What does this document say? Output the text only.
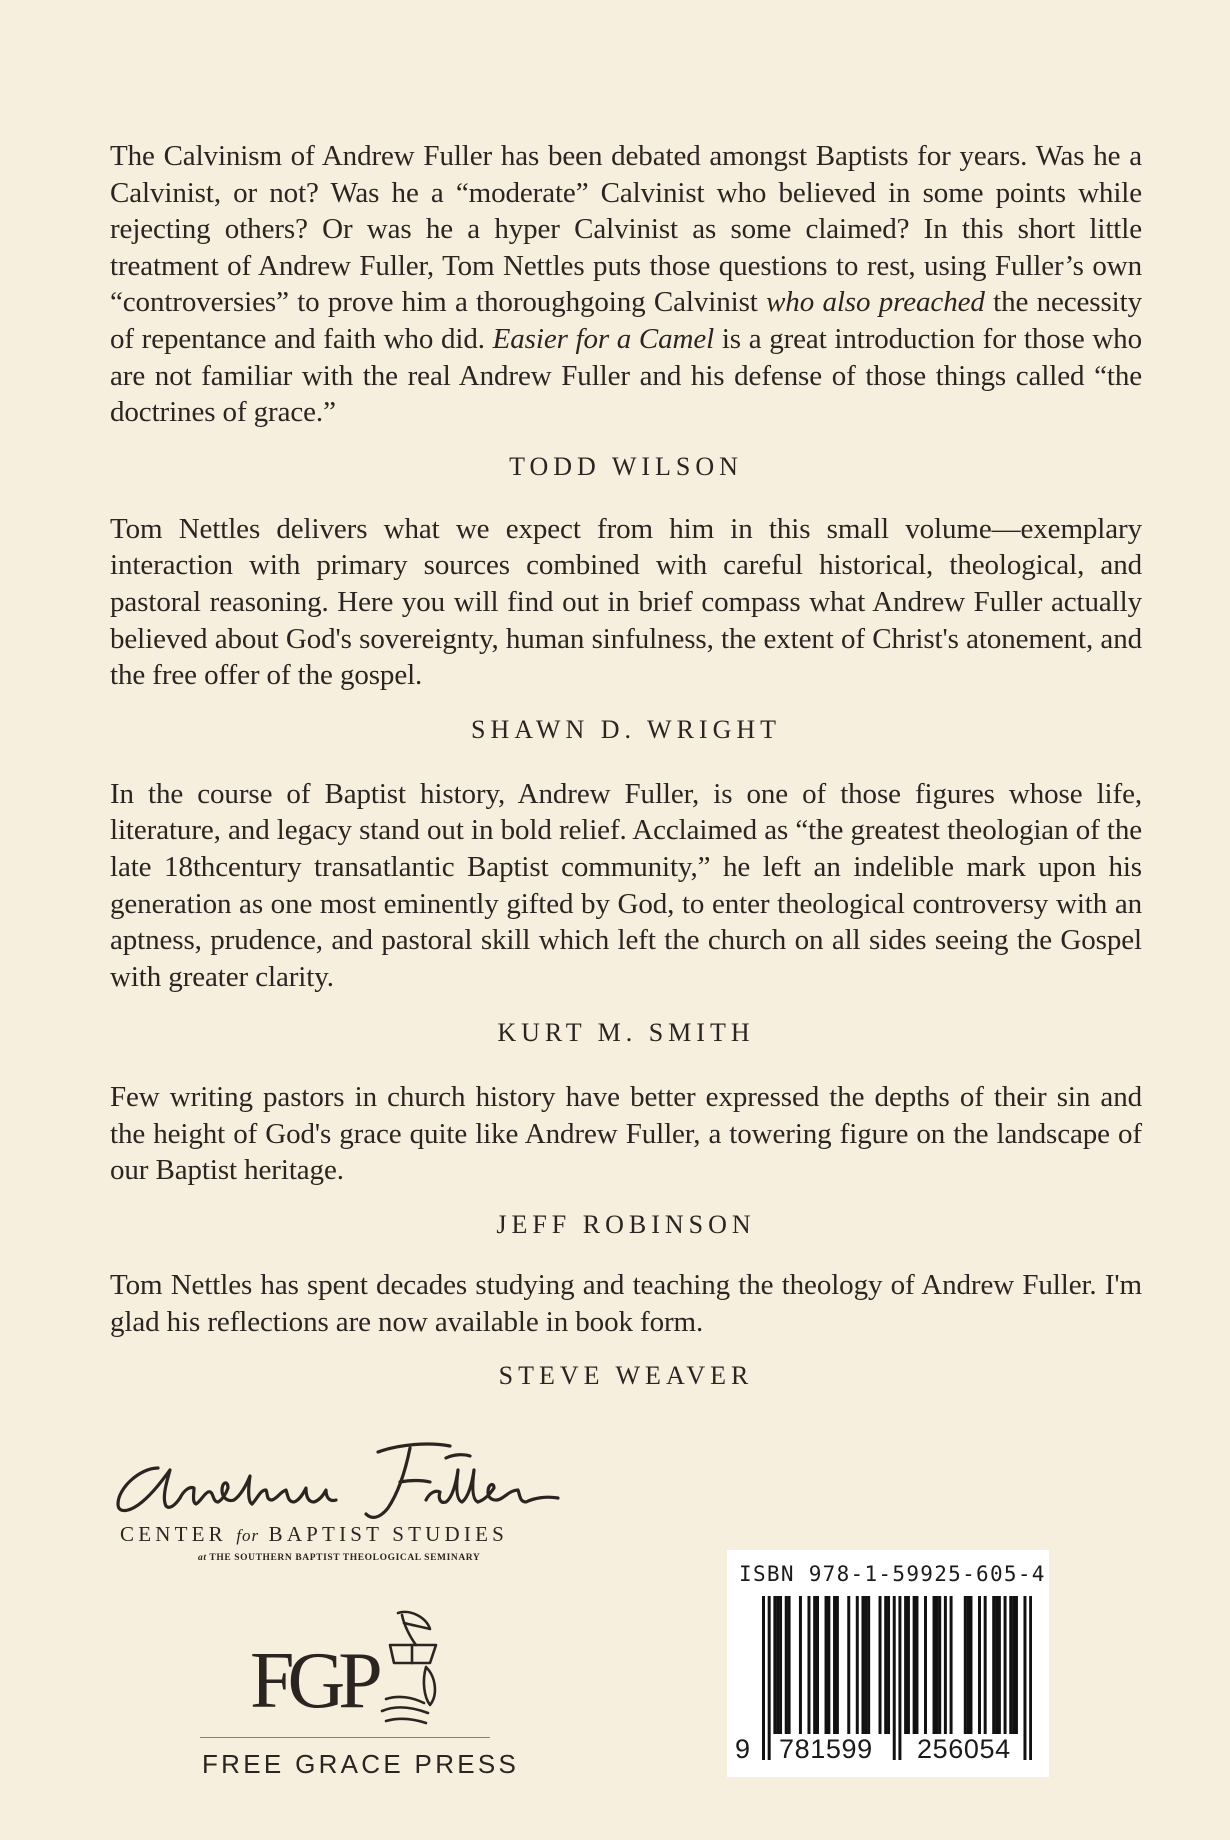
The Calvinism of Andrew Fuller has been debated amongst Baptists for years. Was he a Calvinist, or not? Was he a “moderate” Calvinist who believed in some points while rejecting others? Or was he a hyper Calvinist as some claimed? In this short little treatment of Andrew Fuller, Tom Nettles puts those questions to rest, using Fuller’s own “controversies” to prove him a thoroughgoing Calvinist who also preached the necessity of repentance and faith who did. Easier for a Camel is a great introduction for those who are not familiar with the real Andrew Fuller and his defense of those things called “the doctrines of grace.”

TODD WILSON

Tom Nettles delivers what we expect from him in this small volume—exemplary interaction with primary sources combined with careful historical, theological, and pastoral reasoning. Here you will find out in brief compass what Andrew Fuller actually believed about God's sovereignty, human sinfulness, the extent of Christ's atonement, and the free offer of the gospel.

SHAWN D. WRIGHT

In the course of Baptist history, Andrew Fuller, is one of those figures whose life, literature, and legacy stand out in bold relief. Acclaimed as “the greatest theologian of the late 18thcentury transatlantic Baptist community,” he left an indelible mark upon his generation as one most eminently gifted by God, to enter theological controversy with an aptness, prudence, and pastoral skill which left the church on all sides seeing the Gospel with greater clarity.

KURT M. SMITH

Few writing pastors in church history have better expressed the depths of their sin and the height of God's grace quite like Andrew Fuller, a towering figure on the landscape of our Baptist heritage.

JEFF ROBINSON

Tom Nettles has spent decades studying and teaching the theology of Andrew Fuller. I'm glad his reflections are now available in book form.

STEVE WEAVER
CENTER for BAPTIST STUDIES
at THE SOUTHERN BAPTIST THEOLOGICAL SEMINARY
FGP
FREE GRACE PRESS
ISBN 978-1-59925-605-4
9 781599 256054
